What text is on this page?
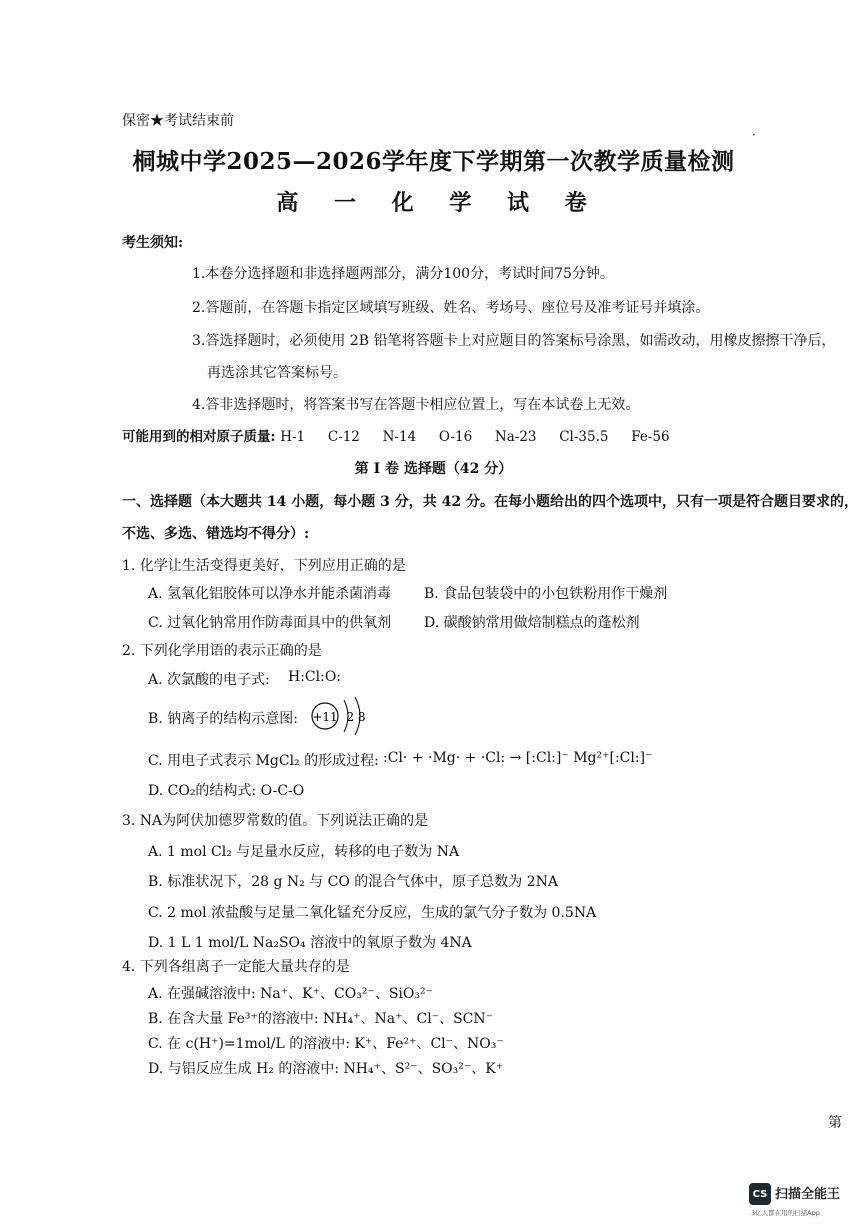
保密★考试结束前
桐城中学2025—2026学年度下学期第一次教学质量检测
·
高 一 化 学 试 卷
考生须知:
1.本卷分选择题和非选择题两部分，满分100分，考试时间75分钟。
2.答题前，在答题卡指定区域填写班级、姓名、考场号、座位号及准考证号并填涂。
3.答选择题时，必须使用 2B 铅笔将答题卡上对应题目的答案标号涂黑，如需改动，用橡皮擦擦干净后，
再选涂其它答案标号。
4.答非选择题时，将答案书写在答题卡相应位置上，写在本试卷上无效。
可能用到的相对原子质量: H-1 C-12 N-14 O-16 Na-23 Cl-35.5 Fe-56
第 I 卷 选择题（42 分）
一、选择题（本大题共 14 小题，每小题 3 分，共 42 分。在每小题给出的四个选项中，只有一项是符合题目要求的，
不选、多选、错选均不得分）:
1. 化学让生活变得更美好，下列应用正确的是
A. 氢氧化铝胶体可以净水并能杀菌消毒 B. 食品包装袋中的小包铁粉用作干燥剂
C. 过氧化钠常用作防毒面具中的供氧剂 D. 碳酸钠常用做焙制糕点的蓬松剂
2. 下列化学用语的表示正确的是
A. 次氯酸的电子式: H:Cl:O:
B. 钠离子的结构示意图: +11 2 8
C. 用电子式表示 MgCl₂ 的形成过程: :Cl· + ·Mg· + ·Cl: → [:Cl:]⁻ Mg²⁺[:Cl:]⁻
D. CO₂的结构式: O-C-O
3. NA为阿伏加德罗常数的值。下列说法正确的是
A. 1 mol Cl₂ 与足量水反应，转移的电子数为 NA
B. 标准状况下，28 g N₂ 与 CO 的混合气体中，原子总数为 2NA
C. 2 mol 浓盐酸与足量二氧化锰充分反应，生成的氯气分子数为 0.5NA
D. 1 L 1 mol/L Na₂SO₄ 溶液中的氧原子数为 4NA
4. 下列各组离子一定能大量共存的是
A. 在强碱溶液中: Na⁺、K⁺、CO₃²⁻、SiO₃²⁻
B. 在含大量 Fe³⁺的溶液中: NH₄⁺、Na⁺、Cl⁻、SCN⁻
C. 在 c(H⁺)=1mol/L 的溶液中: K⁺、Fe²⁺、Cl⁻、NO₃⁻
D. 与铝反应生成 H₂ 的溶液中: NH₄⁺、S²⁻、SO₃²⁻、K⁺
第
CS 扫描全能王
3亿人都在用的扫描App
